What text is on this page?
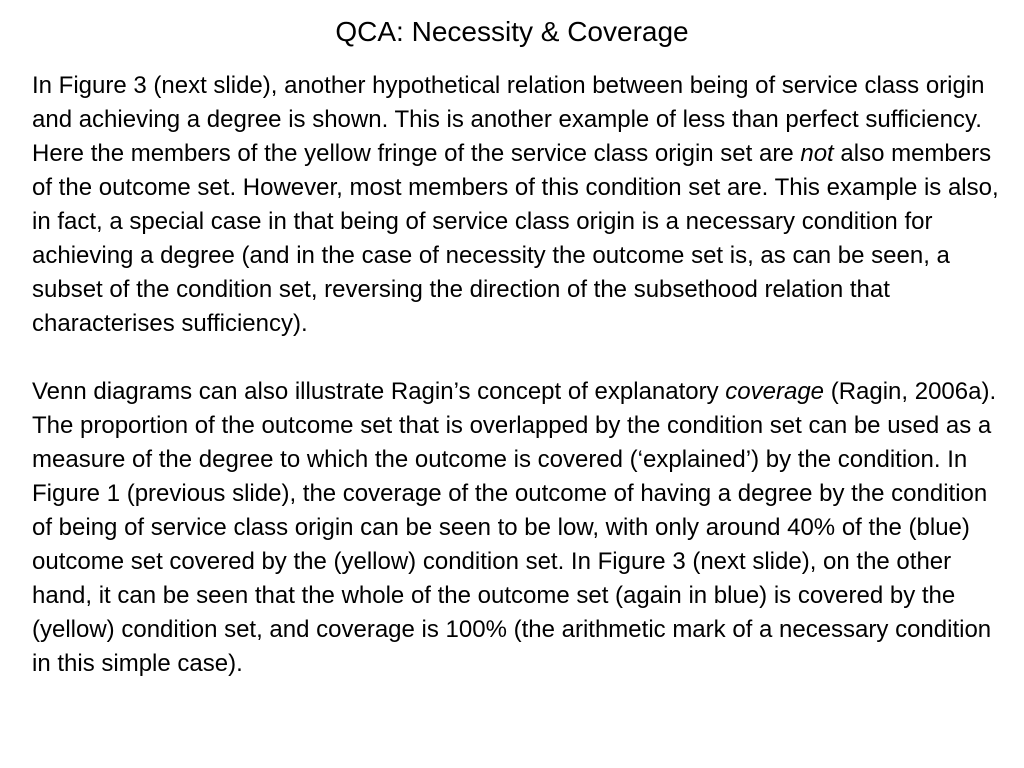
QCA: Necessity & Coverage

In Figure 3 (next slide), another hypothetical relation between being of service class origin and achieving a degree is shown. This is another example of less than perfect sufficiency. Here the members of the yellow fringe of the service class origin set are not also members of the outcome set. However, most members of this condition set are. This example is also, in fact, a special case in that being of service class origin is a necessary condition for achieving a degree (and in the case of necessity the outcome set is, as can be seen, a subset of the condition set, reversing the direction of the subsethood relation that characterises sufficiency).

Venn diagrams can also illustrate Ragin’s concept of explanatory coverage (Ragin, 2006a). The proportion of the outcome set that is overlapped by the condition set can be used as a measure of the degree to which the outcome is covered (‘explained’) by the condition. In Figure 1 (previous slide), the coverage of the outcome of having a degree by the condition of being of service class origin can be seen to be low, with only around 40% of the (blue) outcome set covered by the (yellow) condition set. In Figure 3 (next slide), on the other hand, it can be seen that the whole of the outcome set (again in blue) is covered by the (yellow) condition set, and coverage is 100% (the arithmetic mark of a necessary condition in this simple case).
